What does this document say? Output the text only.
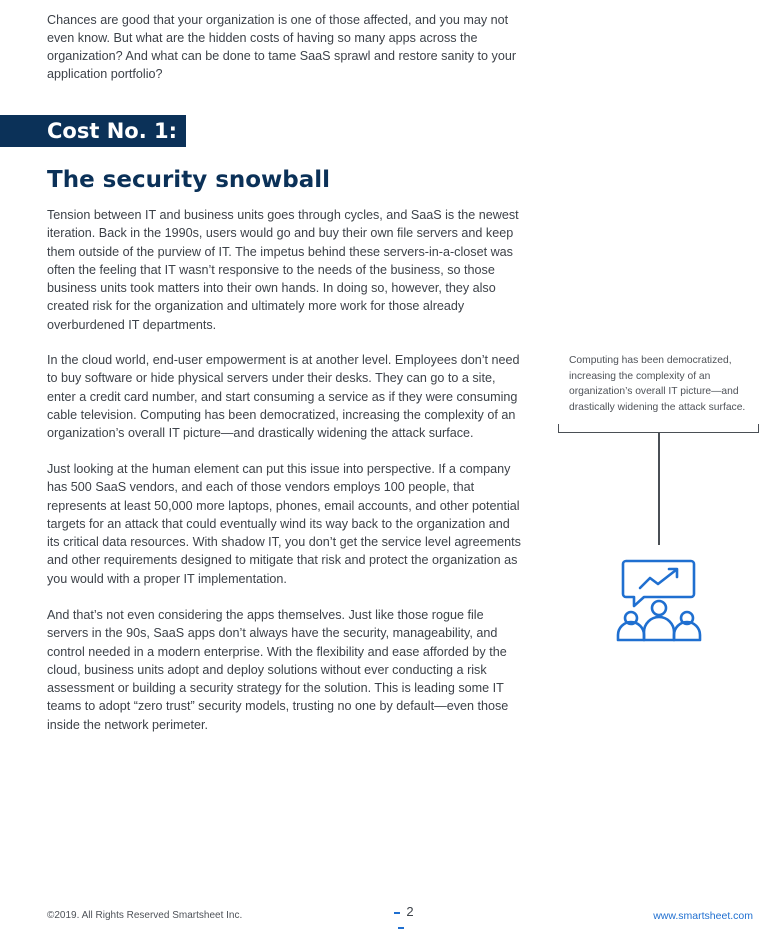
Chances are good that your organization is one of those affected, and you may not even know. But what are the hidden costs of having so many apps across the organization? And what can be done to tame SaaS sprawl and restore sanity to your application portfolio?

Cost No. 1:
The security snowball

Tension between IT and business units goes through cycles, and SaaS is the newest iteration. Back in the 1990s, users would go and buy their own file servers and keep them outside of the purview of IT. The impetus behind these servers-in-a-closet was often the feeling that IT wasn’t responsive to the needs of the business, so those business units took matters into their own hands. In doing so, however, they also created risk for the organization and ultimately more work for those already overburdened IT departments.

In the cloud world, end-user empowerment is at another level. Employees don’t need to buy software or hide physical servers under their desks. They can go to a site, enter a credit card number, and start consuming a service as if they were consuming cable television. Computing has been democratized, increasing the complexity of an organization’s overall IT picture—and drastically widening the attack surface.

Just looking at the human element can put this issue into perspective. If a company has 500 SaaS vendors, and each of those vendors employs 100 people, that represents at least 50,000 more laptops, phones, email accounts, and other potential targets for an attack that could eventually wind its way back to the organization and its critical data resources. With shadow IT, you don’t get the service level agreements and other requirements designed to mitigate that risk and protect the organization as you would with a proper IT implementation.

And that’s not even considering the apps themselves. Just like those rogue file servers in the 90s, SaaS apps don’t always have the security, manageability, and control needed in a modern enterprise. With the flexibility and ease afforded by the cloud, business units adopt and deploy solutions without ever conducting a risk assessment or building a security strategy for the solution. This is leading some IT teams to adopt “zero trust” security models, trusting no one by default—even those inside the network perimeter.

Computing has been democratized, increasing the complexity of an organization’s overall IT picture—and drastically widening the attack surface.

©2019. All Rights Reserved Smartsheet Inc.	2	www.smartsheet.com
